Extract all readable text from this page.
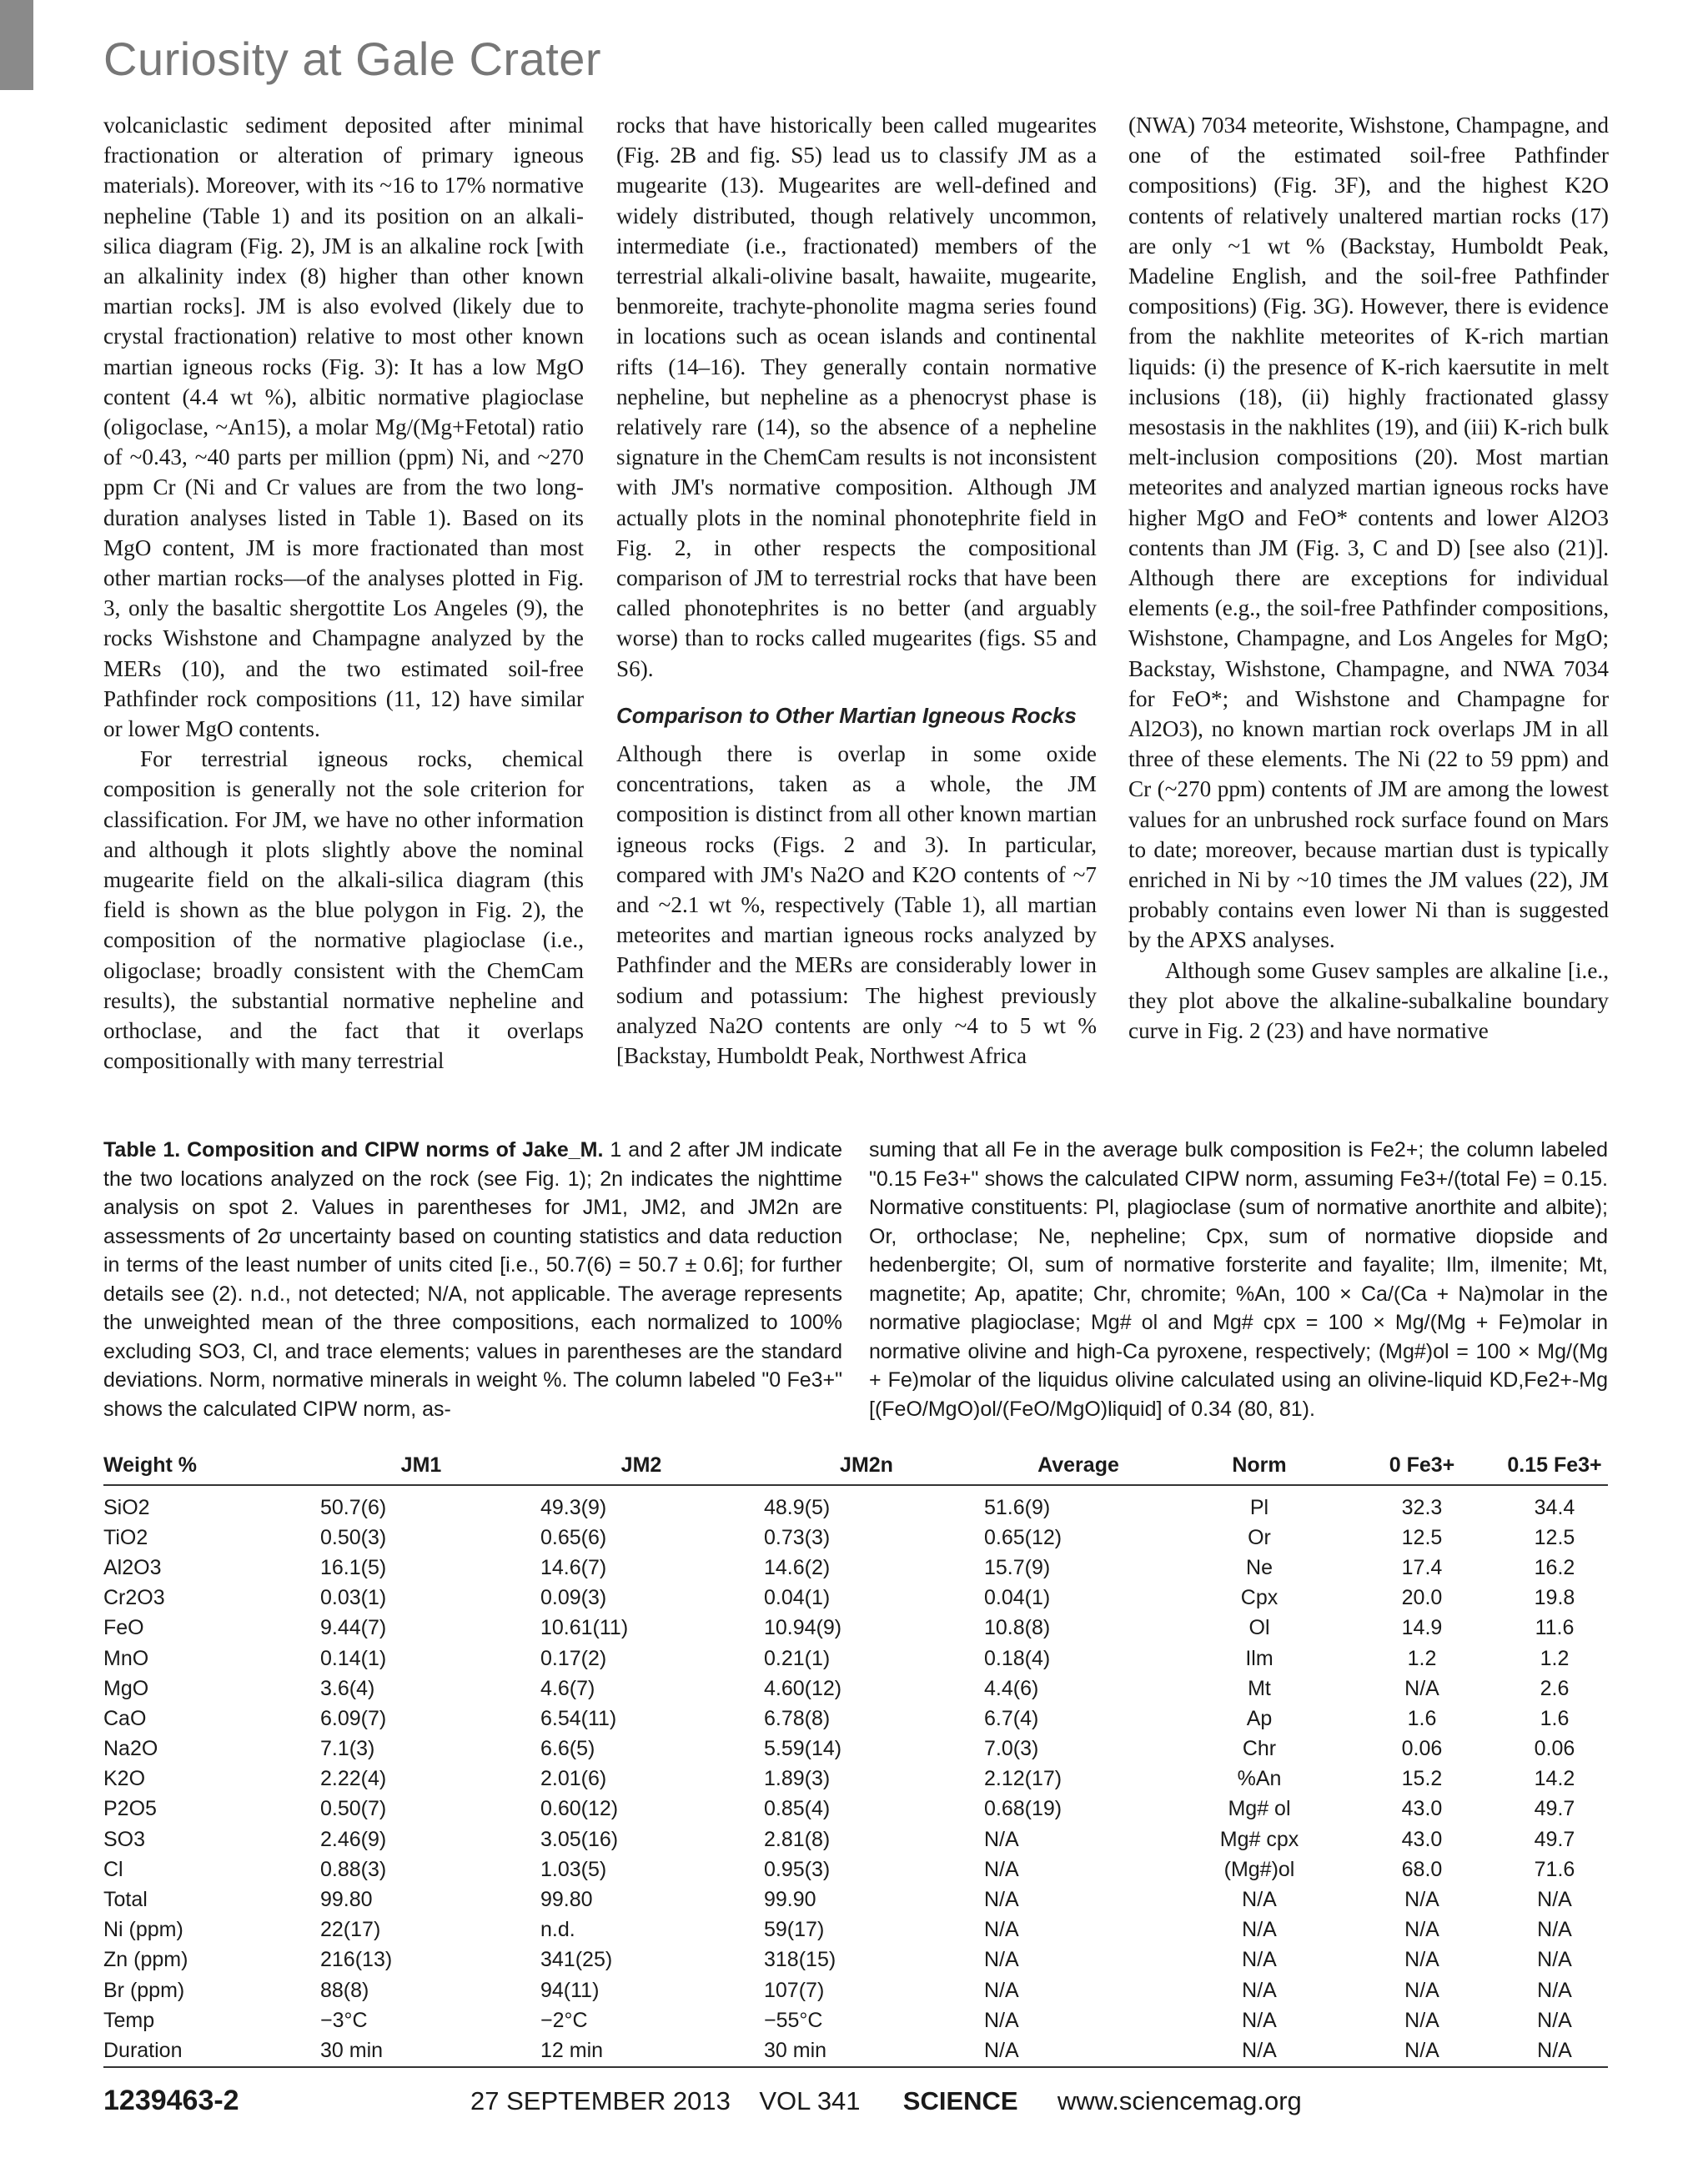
Curiosity at Gale Crater

volcaniclastic sediment deposited after minimal fractionation or alteration of primary igneous materials). Moreover, with its ~16 to 17% normative nepheline (Table 1) and its position on an alkali-silica diagram (Fig. 2), JM is an alkaline rock [with an alkalinity index (8) higher than other known martian rocks]. JM is also evolved (likely due to crystal fractionation) relative to most other known martian igneous rocks (Fig. 3): It has a low MgO content (4.4 wt %), albitic normative plagioclase (oligoclase, ~An15), a molar Mg/(Mg+Fetotal) ratio of ~0.43, ~40 parts per million (ppm) Ni, and ~270 ppm Cr (Ni and Cr values are from the two long-duration analyses listed in Table 1). Based on its MgO content, JM is more fractionated than most other martian rocks—of the analyses plotted in Fig. 3, only the basaltic shergottite Los Angeles (9), the rocks Wishstone and Champagne analyzed by the MERs (10), and the two estimated soil-free Pathfinder rock compositions (11, 12) have similar or lower MgO contents.

For terrestrial igneous rocks, chemical composition is generally not the sole criterion for classification. For JM, we have no other information and although it plots slightly above the nominal mugearite field on the alkali-silica diagram (this field is shown as the blue polygon in Fig. 2), the composition of the normative plagioclase (i.e., oligoclase; broadly consistent with the ChemCam results), the substantial normative nepheline and orthoclase, and the fact that it overlaps compositionally with many terrestrial

rocks that have historically been called mugearites (Fig. 2B and fig. S5) lead us to classify JM as a mugearite (13). Mugearites are well-defined and widely distributed, though relatively uncommon, intermediate (i.e., fractionated) members of the terrestrial alkali-olivine basalt, hawaiite, mugearite, benmoreite, trachyte-phonolite magma series found in locations such as ocean islands and continental rifts (14–16). They generally contain normative nepheline, but nepheline as a phenocryst phase is relatively rare (14), so the absence of a nepheline signature in the ChemCam results is not inconsistent with JM's normative composition. Although JM actually plots in the nominal phonotephrite field in Fig. 2, in other respects the compositional comparison of JM to terrestrial rocks that have been called phonotephrites is no better (and arguably worse) than to rocks called mugearites (figs. S5 and S6).

Comparison to Other Martian Igneous Rocks

Although there is overlap in some oxide concentrations, taken as a whole, the JM composition is distinct from all other known martian igneous rocks (Figs. 2 and 3). In particular, compared with JM's Na2O and K2O contents of ~7 and ~2.1 wt %, respectively (Table 1), all martian meteorites and martian igneous rocks analyzed by Pathfinder and the MERs are considerably lower in sodium and potassium: The highest previously analyzed Na2O contents are only ~4 to 5 wt % [Backstay, Humboldt Peak, Northwest Africa

(NWA) 7034 meteorite, Wishstone, Champagne, and one of the estimated soil-free Pathfinder compositions) (Fig. 3F), and the highest K2O contents of relatively unaltered martian rocks (17) are only ~1 wt % (Backstay, Humboldt Peak, Madeline English, and the soil-free Pathfinder compositions) (Fig. 3G). However, there is evidence from the nakhlite meteorites of K-rich martian liquids: (i) the presence of K-rich kaersutite in melt inclusions (18), (ii) highly fractionated glassy mesostasis in the nakhlites (19), and (iii) K-rich bulk melt-inclusion compositions (20). Most martian meteorites and analyzed martian igneous rocks have higher MgO and FeO* contents and lower Al2O3 contents than JM (Fig. 3, C and D) [see also (21)]. Although there are exceptions for individual elements (e.g., the soil-free Pathfinder compositions, Wishstone, Champagne, and Los Angeles for MgO; Backstay, Wishstone, Champagne, and NWA 7034 for FeO*; and Wishstone and Champagne for Al2O3), no known martian rock overlaps JM in all three of these elements. The Ni (22 to 59 ppm) and Cr (~270 ppm) contents of JM are among the lowest values for an unbrushed rock surface found on Mars to date; moreover, because martian dust is typically enriched in Ni by ~10 times the JM values (22), JM probably contains even lower Ni than is suggested by the APXS analyses.

Although some Gusev samples are alkaline [i.e., they plot above the alkaline-subalkaline boundary curve in Fig. 2 (23) and have normative

Table 1. Composition and CIPW norms of Jake_M. 1 and 2 after JM indicate the two locations analyzed on the rock (see Fig. 1); 2n indicates the nighttime analysis on spot 2. Values in parentheses for JM1, JM2, and JM2n are assessments of 2σ uncertainty based on counting statistics and data reduction in terms of the least number of units cited [i.e., 50.7(6) = 50.7 ± 0.6]; for further details see (2). n.d., not detected; N/A, not applicable. The average represents the unweighted mean of the three compositions, each normalized to 100% excluding SO3, Cl, and trace elements; values in parentheses are the standard deviations. Norm, normative minerals in weight %. The column labeled "0 Fe3+" shows the calculated CIPW norm, as-
suming that all Fe in the average bulk composition is Fe2+; the column labeled "0.15 Fe3+" shows the calculated CIPW norm, assuming Fe3+/(total Fe) = 0.15. Normative constituents: Pl, plagioclase (sum of normative anorthite and albite); Or, orthoclase; Ne, nepheline; Cpx, sum of normative diopside and hedenbergite; Ol, sum of normative forsterite and fayalite; Ilm, ilmenite; Mt, magnetite; Ap, apatite; Chr, chromite; %An, 100 × Ca/(Ca + Na)molar in the normative plagioclase; Mg# ol and Mg# cpx = 100 × Mg/(Mg + Fe)molar in normative olivine and high-Ca pyroxene, respectively; (Mg#)ol = 100 × Mg/(Mg + Fe)molar of the liquidus olivine calculated using an olivine-liquid KD,Fe2+-Mg [(FeO/MgO)ol/(FeO/MgO)liquid] of 0.34 (80, 81).
Weight %	JM1	JM2	JM2n	Average	Norm	0 Fe3+	0.15 Fe3+
SiO2	50.7(6)	49.3(9)	48.9(5)	51.6(9)	Pl	32.3	34.4
TiO2	0.50(3)	0.65(6)	0.73(3)	0.65(12)	Or	12.5	12.5
Al2O3	16.1(5)	14.6(7)	14.6(2)	15.7(9)	Ne	17.4	16.2
Cr2O3	0.03(1)	0.09(3)	0.04(1)	0.04(1)	Cpx	20.0	19.8
FeO	9.44(7)	10.61(11)	10.94(9)	10.8(8)	Ol	14.9	11.6
MnO	0.14(1)	0.17(2)	0.21(1)	0.18(4)	Ilm	1.2	1.2
MgO	3.6(4)	4.6(7)	4.60(12)	4.4(6)	Mt	N/A	2.6
CaO	6.09(7)	6.54(11)	6.78(8)	6.7(4)	Ap	1.6	1.6
Na2O	7.1(3)	6.6(5)	5.59(14)	7.0(3)	Chr	0.06	0.06
K2O	2.22(4)	2.01(6)	1.89(3)	2.12(17)	%An	15.2	14.2
P2O5	0.50(7)	0.60(12)	0.85(4)	0.68(19)	Mg# ol	43.0	49.7
SO3	2.46(9)	3.05(16)	2.81(8)	N/A	Mg# cpx	43.0	49.7
Cl	0.88(3)	1.03(5)	0.95(3)	N/A	(Mg#)ol	68.0	71.6
Total	99.80	99.80	99.90	N/A	N/A	N/A	N/A
Ni (ppm)	22(17)	n.d.	59(17)	N/A	N/A	N/A	N/A
Zn (ppm)	216(13)	341(25)	318(15)	N/A	N/A	N/A	N/A
Br (ppm)	88(8)	94(11)	107(7)	N/A	N/A	N/A	N/A
Temp	−3°C	−2°C	−55°C	N/A	N/A	N/A	N/A
Duration	30 min	12 min	30 min	N/A	N/A	N/A	N/A
1239463-2	27 SEPTEMBER 2013    VOL 341 SCIENCE www.sciencemag.org
